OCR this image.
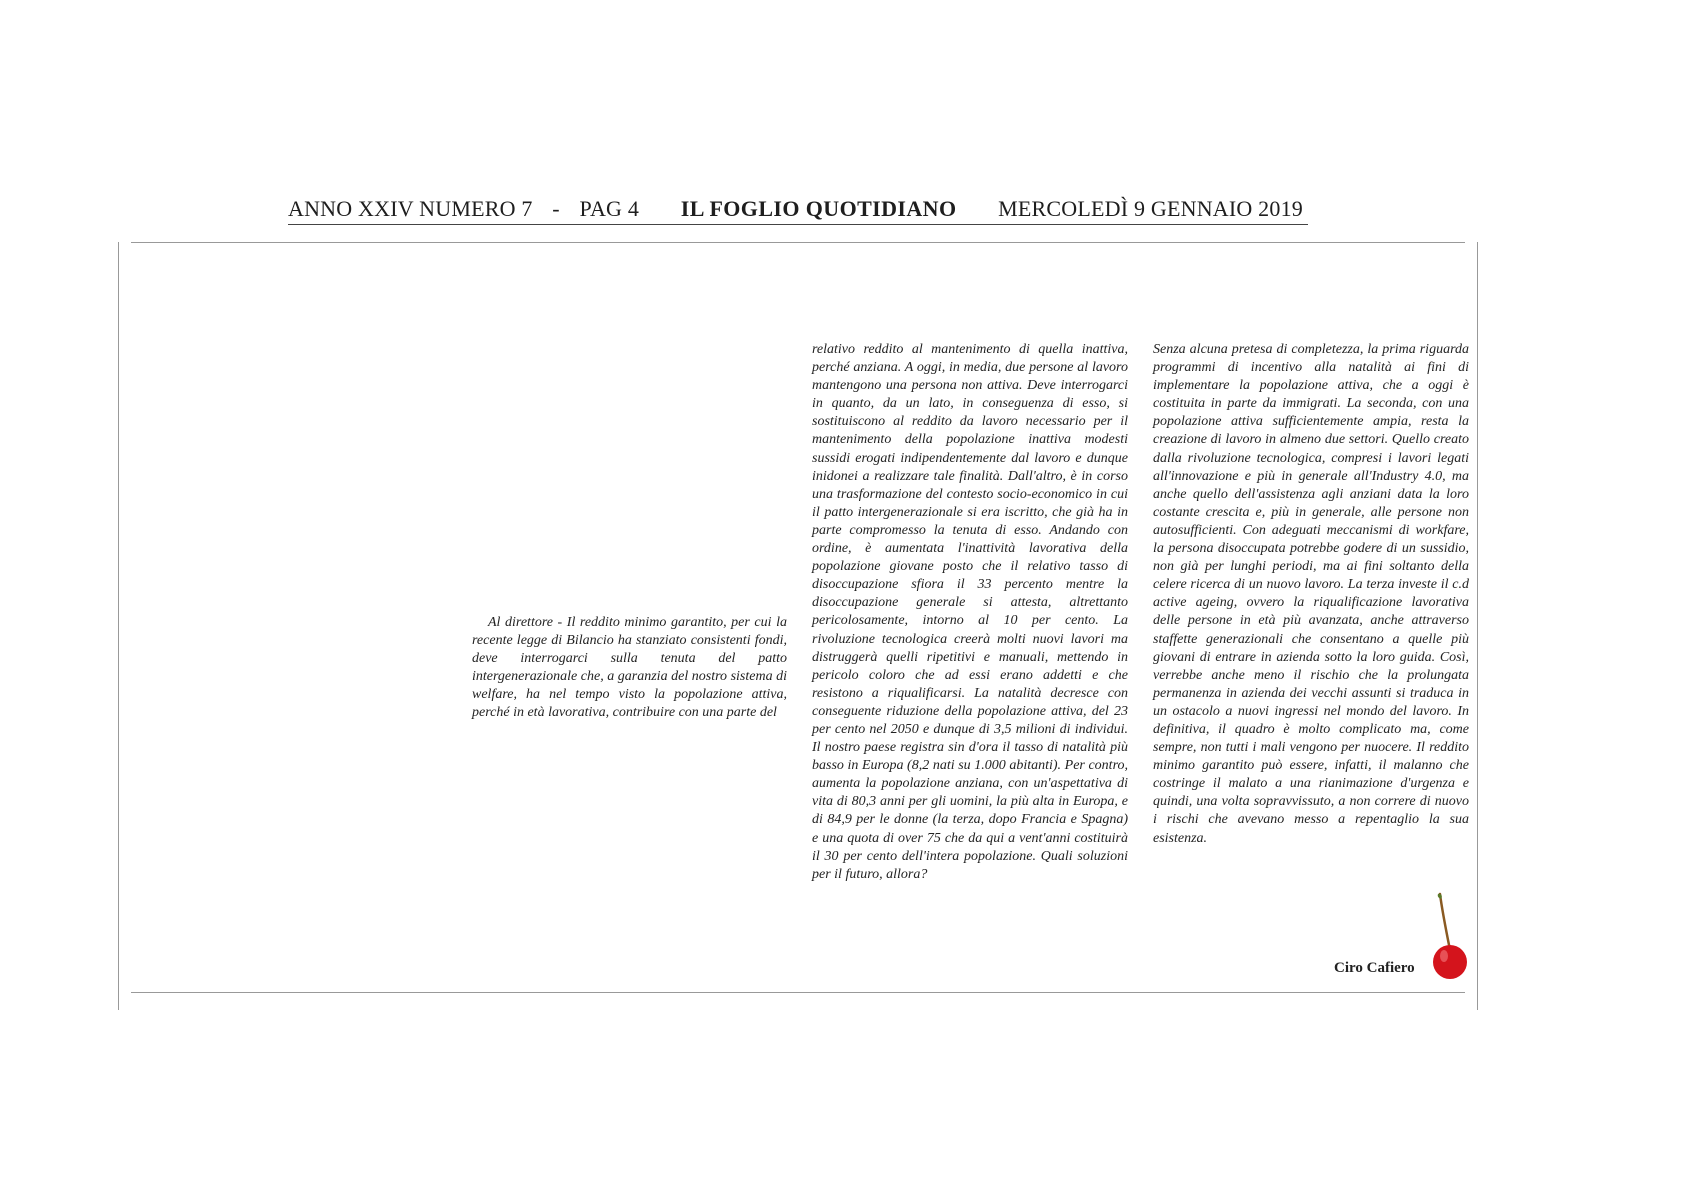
ANNO XXIV NUMERO 7 - PAG 4 IL FOGLIO QUOTIDIANO MERCOLEDÌ 9 GENNAIO 2019
Al direttore - Il reddito minimo garantito, per cui la recente legge di Bilancio ha stanziato consistenti fondi, deve interrogarci sulla tenuta del patto intergenerazionale che, a garanzia del nostro sistema di welfare, ha nel tempo visto la popolazione attiva, perché in età lavorativa, contribuire con una parte del
relativo reddito al mantenimento di quella inattiva, perché anziana. A oggi, in media, due persone al lavoro mantengono una persona non attiva. Deve interrogarci in quanto, da un lato, in conseguenza di esso, si sostituiscono al reddito da lavoro necessario per il mantenimento della popolazione inattiva modesti sussidi erogati indipendentemente dal lavoro e dunque inidonei a realizzare tale finalità. Dall'altro, è in corso una trasformazione del contesto socio-economico in cui il patto intergenerazionale si era iscritto, che già ha in parte compromesso la tenuta di esso. Andando con ordine, è aumentata l'inattività lavorativa della popolazione giovane posto che il relativo tasso di disoccupazione sfiora il 33 percento mentre la disoccupazione generale si attesta, altrettanto pericolosamente, intorno al 10 per cento. La rivoluzione tecnologica creerà molti nuovi lavori ma distruggerà quelli ripetitivi e manuali, mettendo in pericolo coloro che ad essi erano addetti e che resistono a riqualificarsi. La natalità decresce con conseguente riduzione della popolazione attiva, del 23 per cento nel 2050 e dunque di 3,5 milioni di individui. Il nostro paese registra sin d'ora il tasso di natalità più basso in Europa (8,2 nati su 1.000 abitanti). Per contro, aumenta la popolazione anziana, con un'aspettativa di vita di 80,3 anni per gli uomini, la più alta in Europa, e di 84,9 per le donne (la terza, dopo Francia e Spagna) e una quota di over 75 che da qui a vent'anni costituirà il 30 per cento dell'intera popolazione. Quali soluzioni per il futuro, allora?
Senza alcuna pretesa di completezza, la prima riguarda programmi di incentivo alla natalità ai fini di implementare la popolazione attiva, che a oggi è costituita in parte da immigrati. La seconda, con una popolazione attiva sufficientemente ampia, resta la creazione di lavoro in almeno due settori. Quello creato dalla rivoluzione tecnologica, compresi i lavori legati all'innovazione e più in generale all'Industry 4.0, ma anche quello dell'assistenza agli anziani data la loro costante crescita e, più in generale, alle persone non autosufficienti. Con adeguati meccanismi di workfare, la persona disoccupata potrebbe godere di un sussidio, non già per lunghi periodi, ma ai fini soltanto della celere ricerca di un nuovo lavoro. La terza investe il c.d active ageing, ovvero la riqualificazione lavorativa delle persone in età più avanzata, anche attraverso staffette generazionali che consentano a quelle più giovani di entrare in azienda sotto la loro guida. Così, verrebbe anche meno il rischio che la prolungata permanenza in azienda dei vecchi assunti si traduca in un ostacolo a nuovi ingressi nel mondo del lavoro. In definitiva, il quadro è molto complicato ma, come sempre, non tutti i mali vengono per nuocere. Il reddito minimo garantito può essere, infatti, il malanno che costringe il malato a una rianimazione d'urgenza e quindi, una volta sopravvissuto, a non correre di nuovo i rischi che avevano messo a repentaglio la sua esistenza.
Ciro Cafiero
